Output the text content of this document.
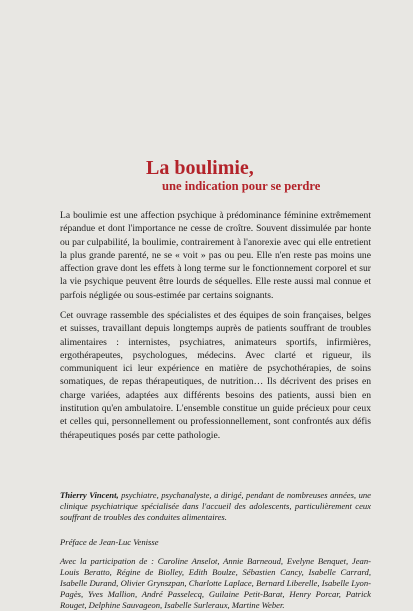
La boulimie,
une indication pour se perdre

La boulimie est une affection psychique à prédominance féminine extrêmement répandue et dont l'importance ne cesse de croître. Souvent dissimulée par honte ou par culpabilité, la boulimie, contrairement à l'anorexie avec qui elle entretient la plus grande parenté, ne se « voit » pas ou peu. Elle n'en reste pas moins une affection grave dont les effets à long terme sur le fonctionnement corporel et sur la vie psychique peuvent être lourds de séquelles. Elle reste aussi mal connue et parfois négligée ou sous-estimée par certains soignants.

Cet ouvrage rassemble des spécialistes et des équipes de soin françaises, belges et suisses, travaillant depuis longtemps auprès de patients souffrant de troubles alimentaires : internistes, psychiatres, animateurs sportifs, infirmières, ergothérapeutes, psychologues, médecins. Avec clarté et rigueur, ils communiquent ici leur expérience en matière de psychothérapies, de soins somatiques, de repas thérapeutiques, de nutrition… Ils décrivent des prises en charge variées, adaptées aux différents besoins des patients, aussi bien en institution qu'en ambulatoire. L'ensemble constitue un guide précieux pour ceux et celles qui, personnellement ou professionnellement, sont confrontés aux défis thérapeutiques posés par cette pathologie.

Thierry Vincent, psychiatre, psychanalyste, a dirigé, pendant de nombreuses années, une clinique psychiatrique spécialisée dans l'accueil des adolescents, particulièrement ceux souffrant de troubles des conduites alimentaires.
Préface de Jean-Luc Venisse
Avec la participation de : Caroline Anselot, Annie Barneoud, Evelyne Benquet, Jean-Louis Beratto, Régine de Biolley, Edith Boulze, Sébastien Cancy, Isabelle Carrard, Isabelle Durand, Olivier Grynszpan, Charlotte Laplace, Bernard Liberelle, Isabelle Lyon-Pagès, Yves Mallion, André Passelecq, Guilaine Petit-Barat, Henry Porcar, Patrick Rouget, Delphine Sauvageon, Isabelle Surleraux, Martine Weber.
